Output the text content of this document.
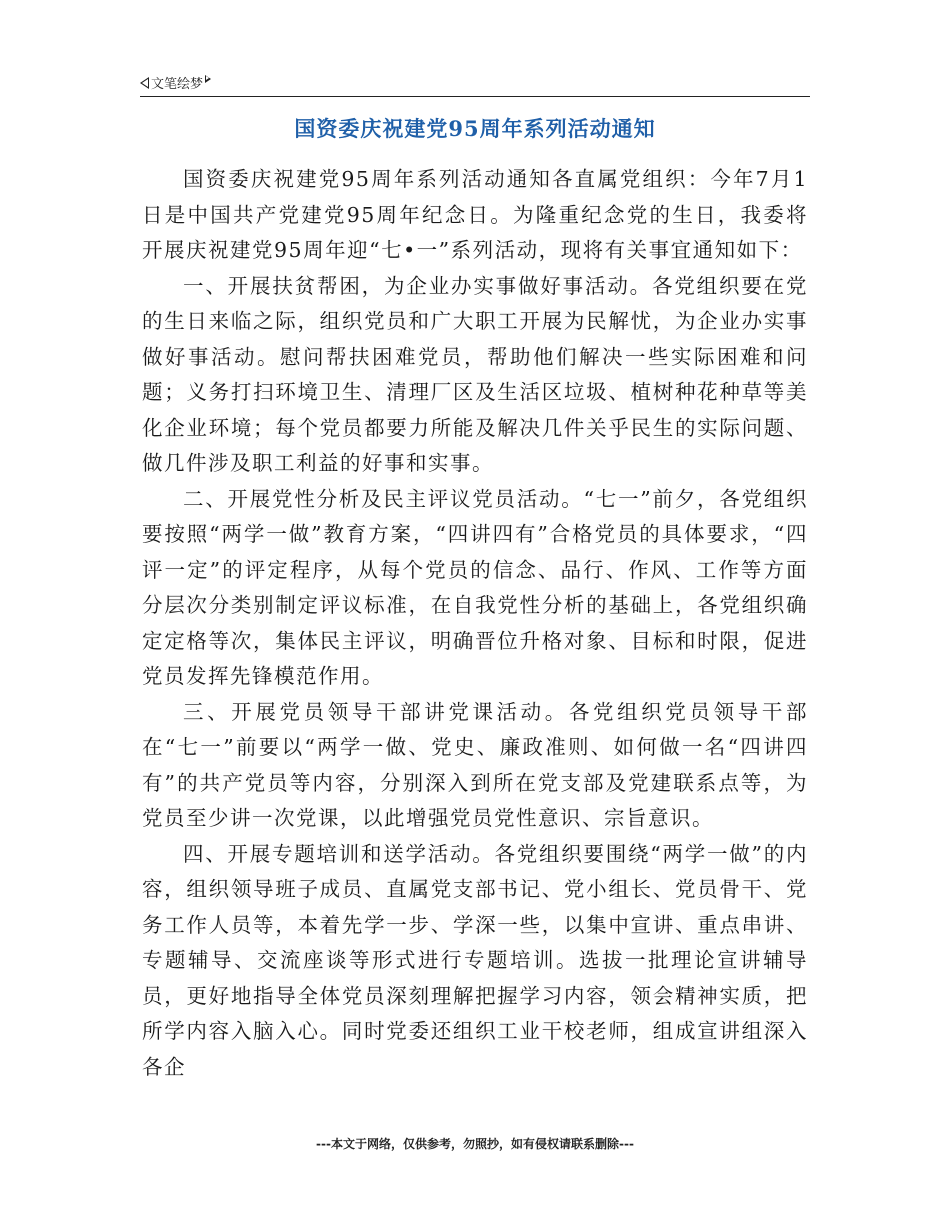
文笔绘梦
国资委庆祝建党95周年系列活动通知

国资委庆祝建党95周年系列活动通知各直属党组织：今年7月1日是中国共产党建党95周年纪念日。为隆重纪念党的生日，我委将开展庆祝建党95周年迎“七•一”系列活动，现将有关事宜通知如下：

一、开展扶贫帮困，为企业办实事做好事活动。各党组织要在党的生日来临之际，组织党员和广大职工开展为民解忧，为企业办实事做好事活动。慰问帮扶困难党员，帮助他们解决一些实际困难和问题；义务打扫环境卫生、清理厂区及生活区垃圾、植树种花种草等美化企业环境；每个党员都要力所能及解决几件关乎民生的实际问题、做几件涉及职工利益的好事和实事。

二、开展党性分析及民主评议党员活动。“七一”前夕，各党组织要按照“两学一做”教育方案，“四讲四有”合格党员的具体要求，“四评一定”的评定程序，从每个党员的信念、品行、作风、工作等方面分层次分类别制定评议标准，在自我党性分析的基础上，各党组织确定定格等次，集体民主评议，明确晋位升格对象、目标和时限，促进党员发挥先锋模范作用。

三、开展党员领导干部讲党课活动。各党组织党员领导干部在“七一”前要以“两学一做、党史、廉政准则、如何做一名“四讲四有”的共产党员等内容，分别深入到所在党支部及党建联系点等，为党员至少讲一次党课，以此增强党员党性意识、宗旨意识。

四、开展专题培训和送学活动。各党组织要围绕“两学一做”的内容，组织领导班子成员、直属党支部书记、党小组长、党员骨干、党务工作人员等，本着先学一步、学深一些，以集中宣讲、重点串讲、专题辅导、交流座谈等形式进行专题培训。选拔一批理论宣讲辅导员，更好地指导全体党员深刻理解把握学习内容，领会精神实质，把所学内容入脑入心。同时党委还组织工业干校老师，组成宣讲组深入各企

---本文于网络，仅供参考，勿照抄，如有侵权请联系删除---
